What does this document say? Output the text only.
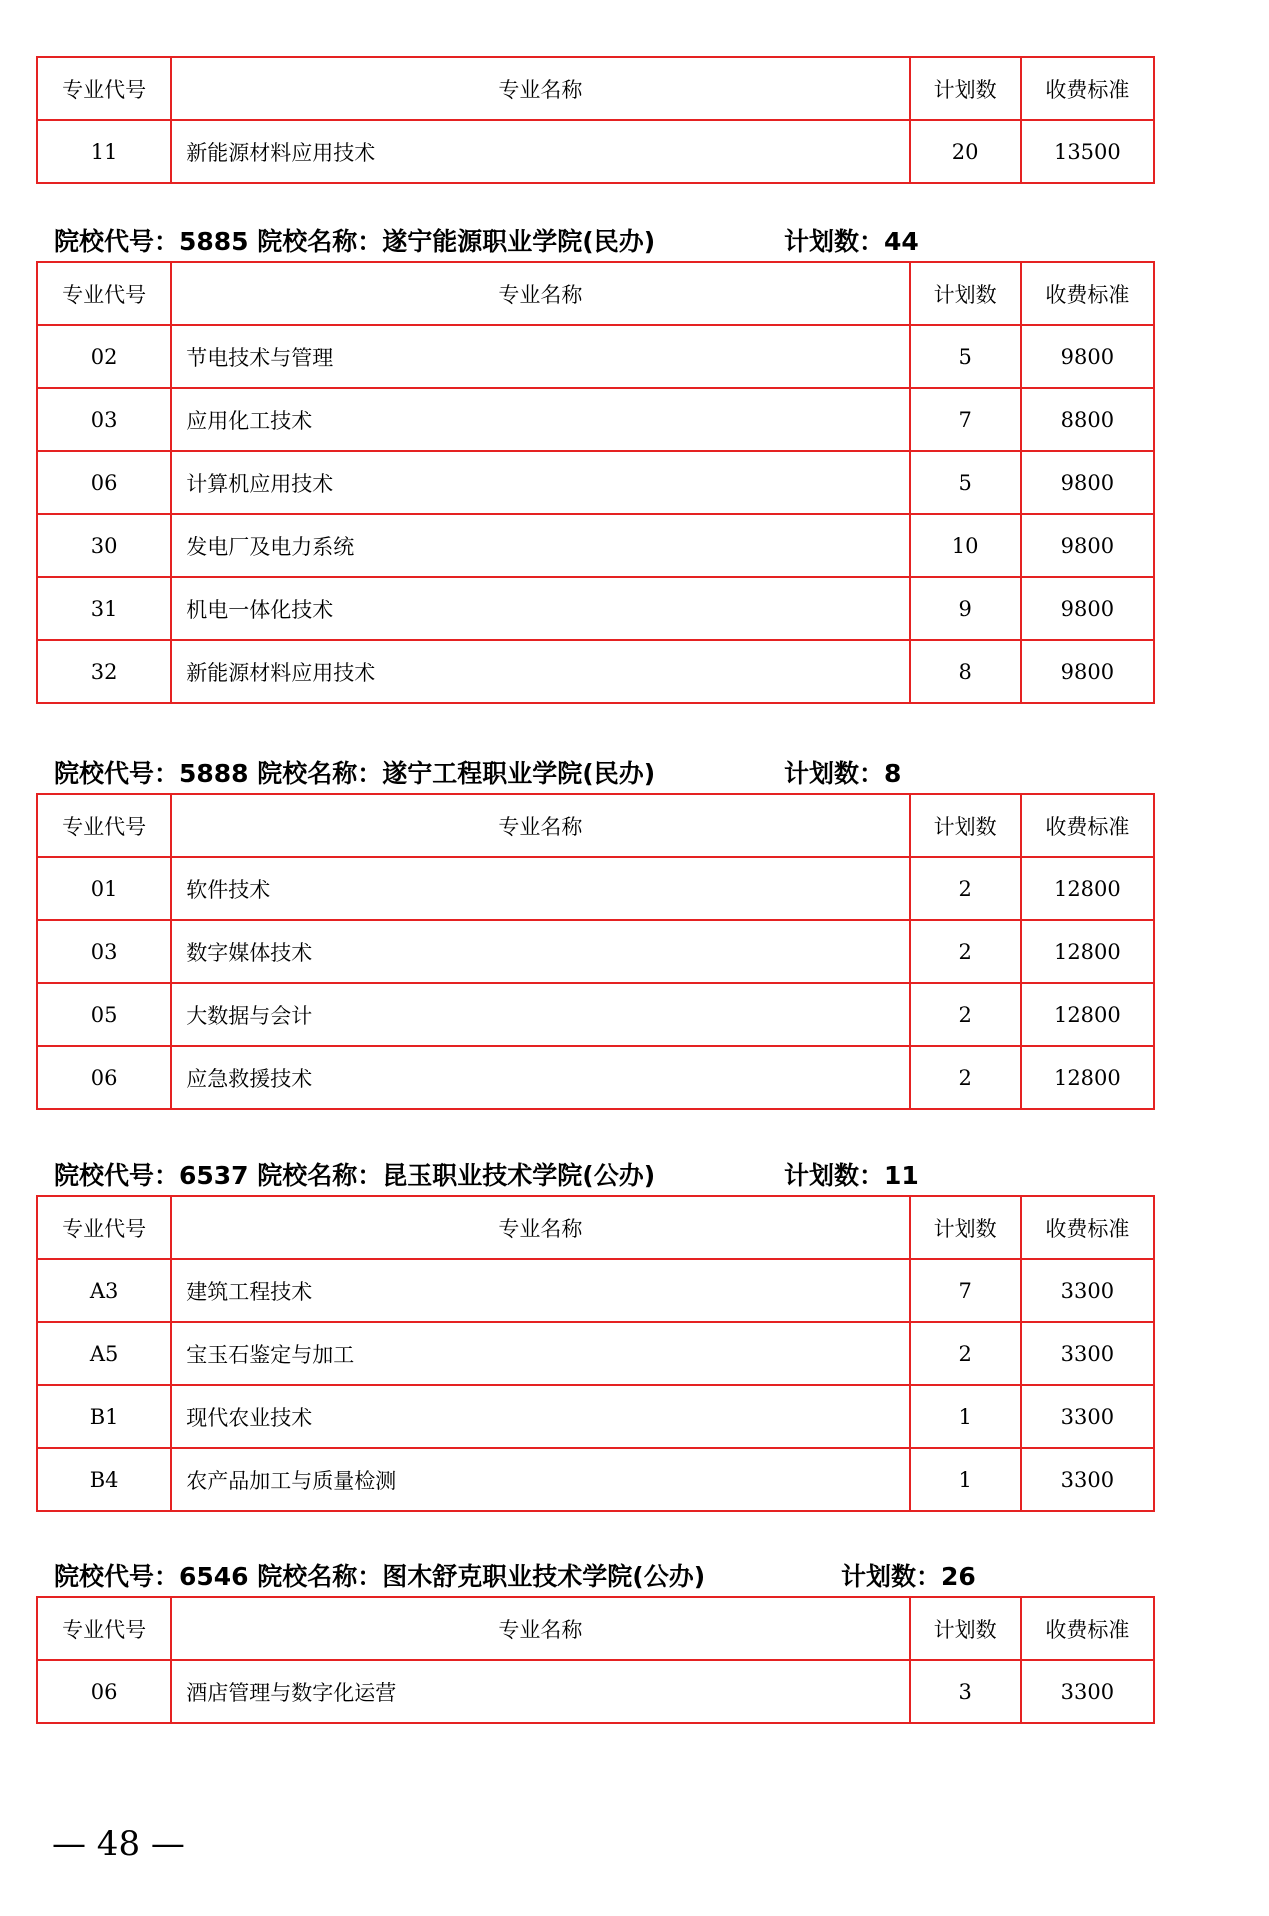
专业代号	专业名称	计划数	收费标准
11	新能源材料应用技术	20	13500
院校代号：5885 院校名称：遂宁能源职业学院(民办)	计划数：44
专业代号	专业名称	计划数	收费标准
02	节电技术与管理	5	9800
03	应用化工技术	7	8800
06	计算机应用技术	5	9800
30	发电厂及电力系统	10	9800
31	机电一体化技术	9	9800
32	新能源材料应用技术	8	9800
院校代号：5888 院校名称：遂宁工程职业学院(民办)	计划数：8
专业代号	专业名称	计划数	收费标准
01	软件技术	2	12800
03	数字媒体技术	2	12800
05	大数据与会计	2	12800
06	应急救援技术	2	12800
院校代号：6537 院校名称：昆玉职业技术学院(公办)	计划数：11
专业代号	专业名称	计划数	收费标准
A3	建筑工程技术	7	3300
A5	宝玉石鉴定与加工	2	3300
B1	现代农业技术	1	3300
B4	农产品加工与质量检测	1	3300
院校代号：6546 院校名称：图木舒克职业技术学院(公办)	计划数：26
专业代号	专业名称	计划数	收费标准
06	酒店管理与数字化运营	3	3300
— 48 —
